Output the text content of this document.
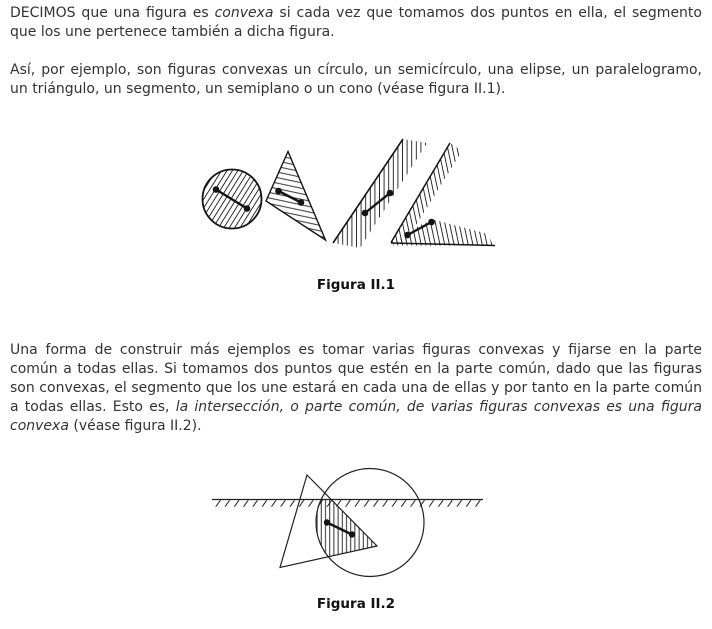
DECIMOS que una figura es convexa si cada vez que tomamos dos puntos en ella, el segmento que los une pertenece también a dicha figura.

Así, por ejemplo, son figuras convexas un círculo, un semicírculo, una elipse, un paralelogramo, un triángulo, un segmento, un semiplano o un cono (véase figura II.1).

Figura II.1

Una forma de construir más ejemplos es tomar varias figuras convexas y fijarse en la parte común a todas ellas. Si tomamos dos puntos que estén en la parte común, dado que las figuras son convexas, el segmento que los une estará en cada una de ellas y por tanto en la parte común a todas ellas. Esto es, la intersección, o parte común, de varias figuras convexas es una figura convexa (véase figura II.2).

Figura II.2
